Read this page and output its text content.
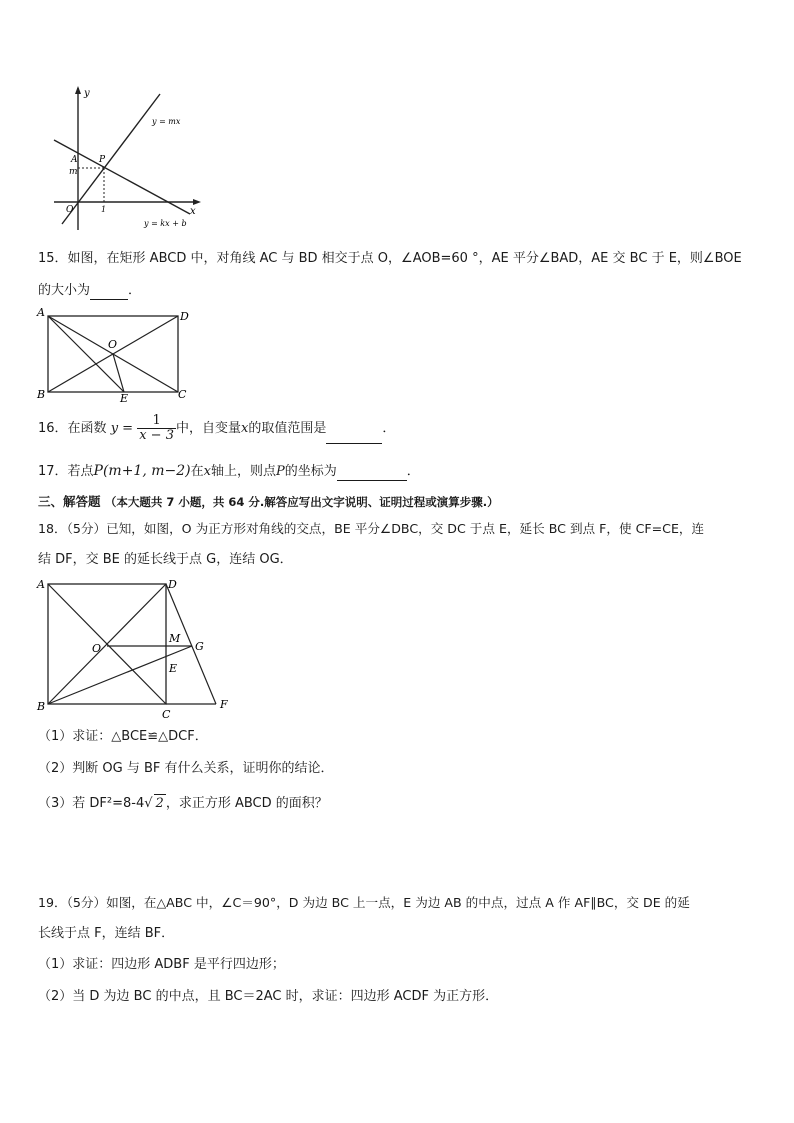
y
x
y = mx
y = kx + b
A P
m
O	1
15．如图，在矩形 ABCD 中，对角线 AC 与 BD 相交于点 O，∠AOB=60 °，AE 平分∠BAD，AE 交 BC 于 E，则∠BOE
的大小为	．
A	D
O
B	E	C
16．在函数 $y = \frac{1}{x - 3}$ 中，自变量x的取值范围是	．
17．若点P(m+1, m−2)在x轴上，则点P的坐标为	．
三、解答题 （本大题共 7 小题，共 64 分.解答应写出文字说明、证明过程或演算步骤.）
18．（5分）已知，如图，O 为正方形对角线的交点，BE 平分∠DBC，交 DC 于点 E，延长 BC 到点 F，使 CF=CE，连
结 DF，交 BE 的延长线于点 G，连结 OG．
A	D
O
M
G
E
B
C
F
（1）求证：△BCE≌△DCF．
（2）判断 OG 与 BF 有什么关系，证明你的结论．
（3）若 DF²=8-4√ 2 ，求正方形 ABCD 的面积？
19．（5分）如图，在△ABC 中，∠C＝90°，D 为边 BC 上一点，E 为边 AB 的中点，过点 A 作 AF∥BC，交 DE 的延
长线于点 F，连结 BF．
（1）求证：四边形 ADBF 是平行四边形；
（2）当 D 为边 BC 的中点，且 BC＝2AC 时，求证：四边形 ACDF 为正方形．
